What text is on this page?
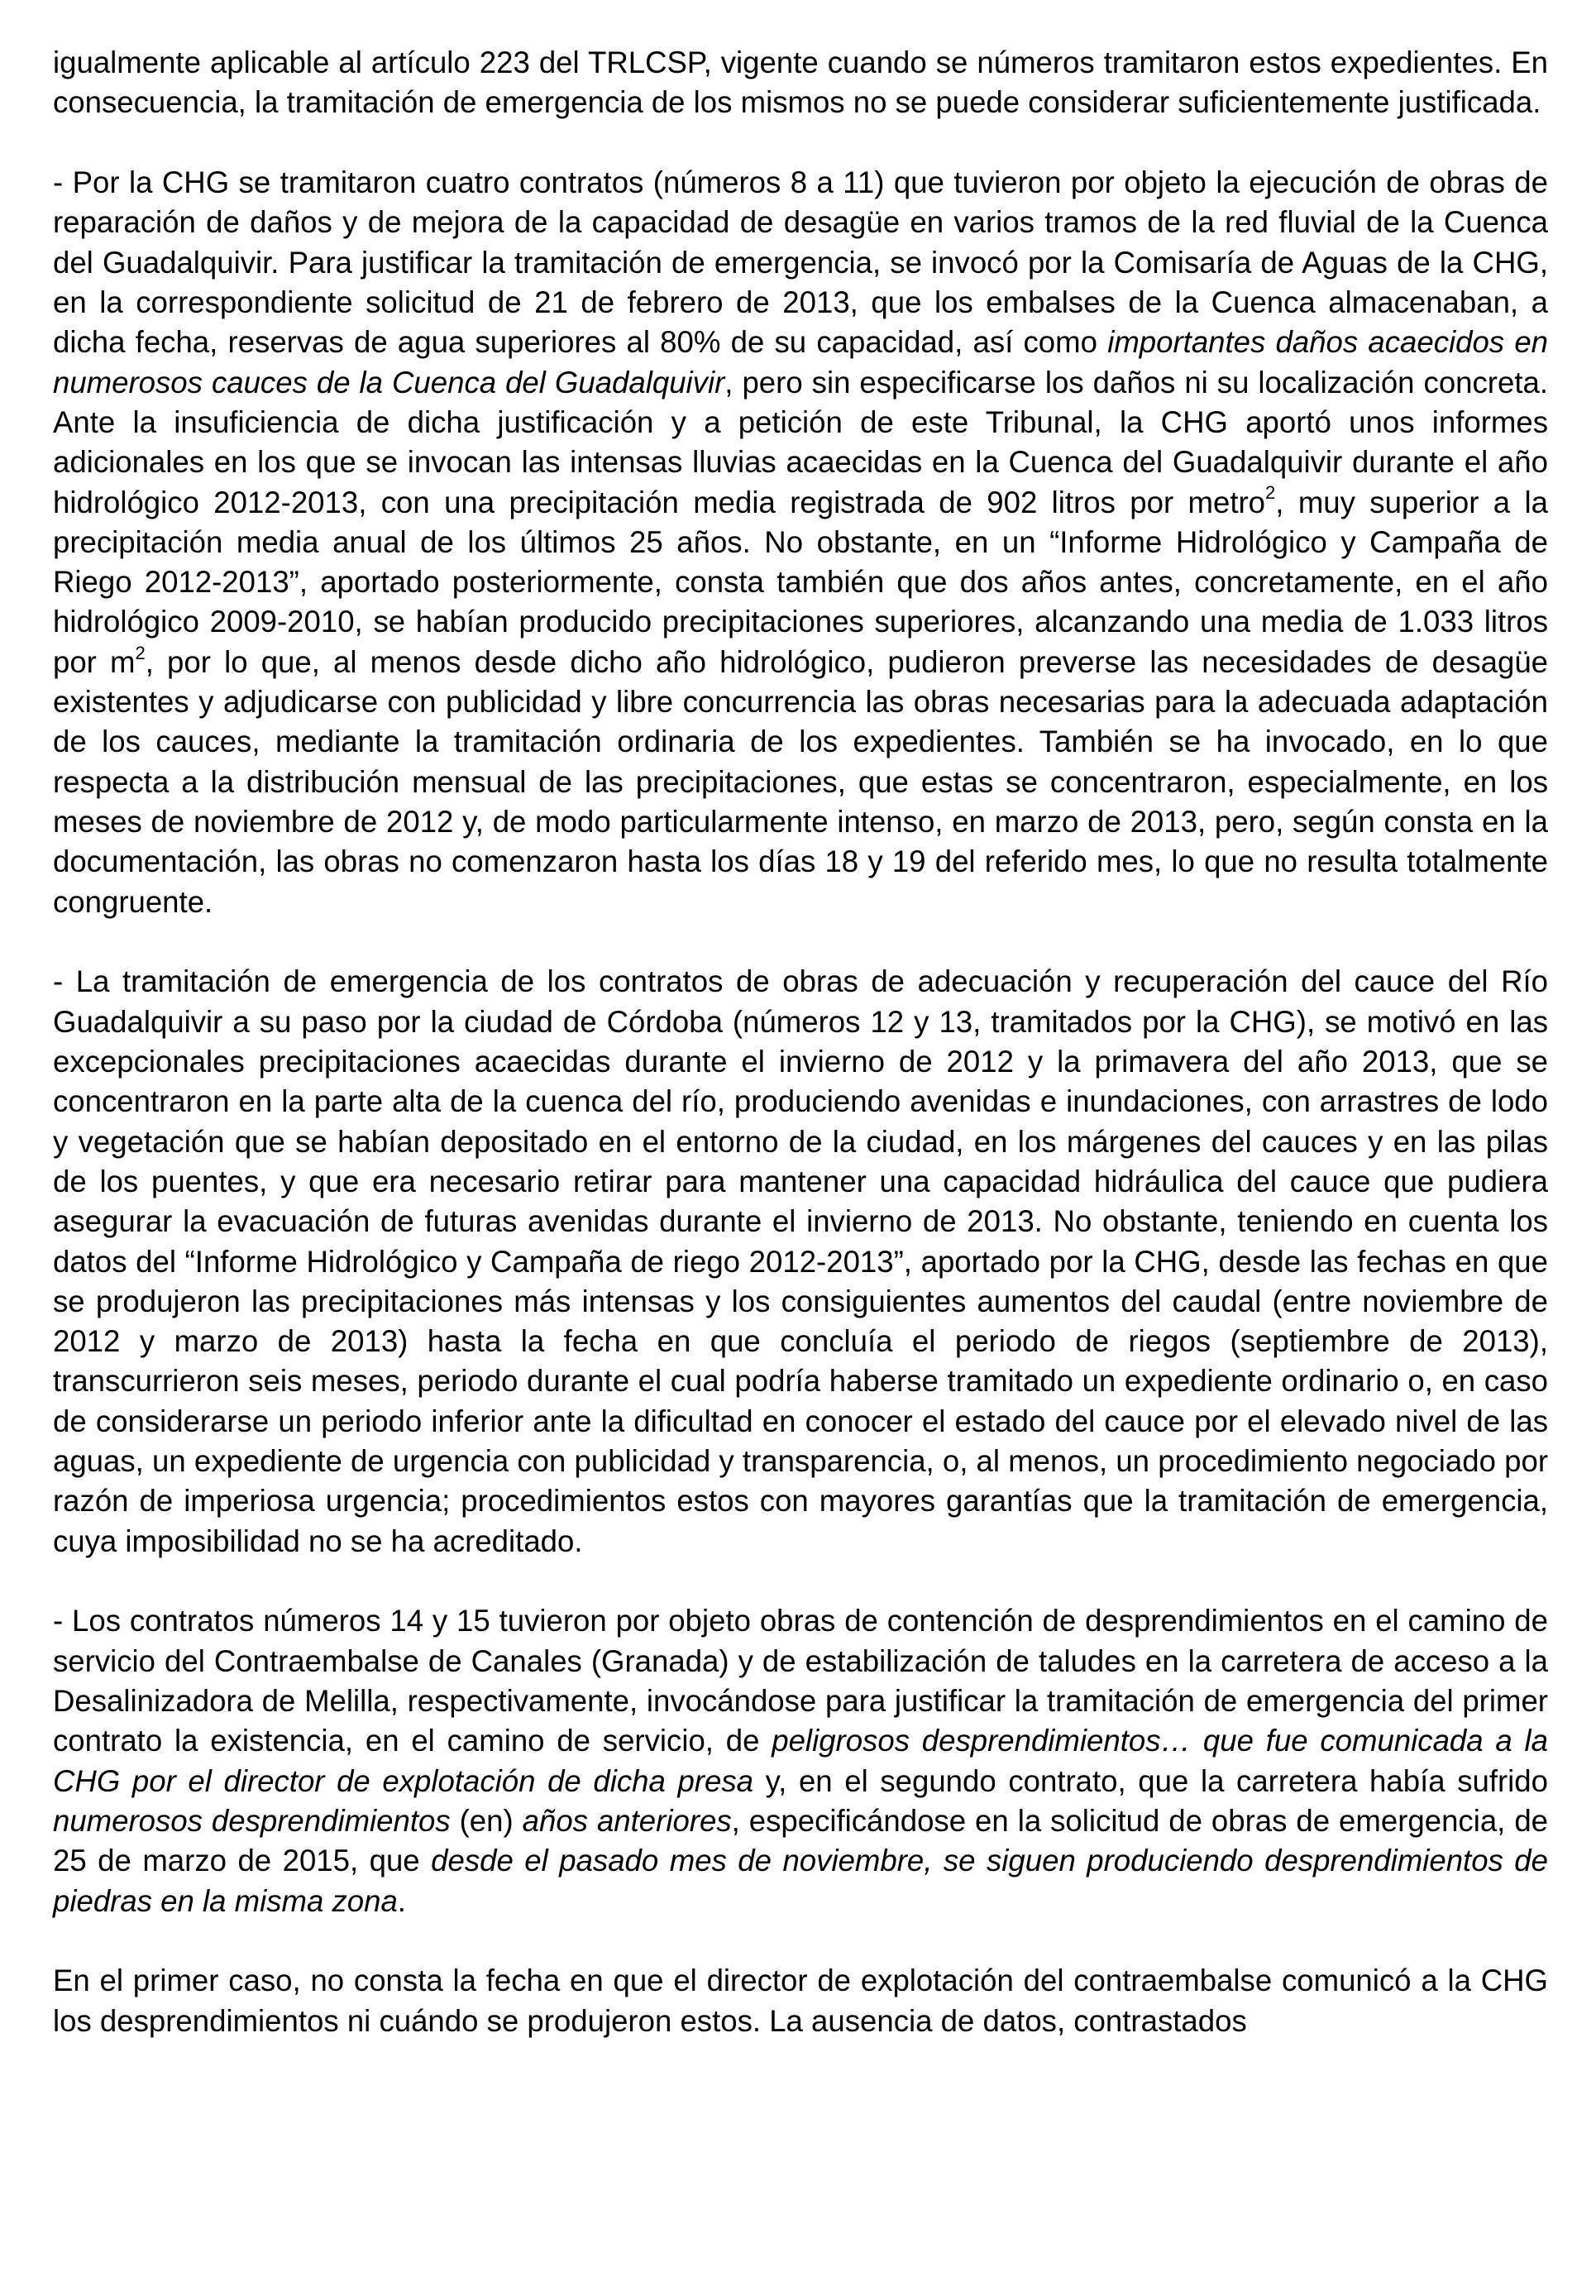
igualmente aplicable al artículo 223 del TRLCSP, vigente cuando se números tramitaron estos expedientes. En consecuencia, la tramitación de emergencia de los mismos no se puede considerar suficientemente justificada.

- Por la CHG se tramitaron cuatro contratos (números 8 a 11) que tuvieron por objeto la ejecución de obras de reparación de daños y de mejora de la capacidad de desagüe en varios tramos de la red fluvial de la Cuenca del Guadalquivir. Para justificar la tramitación de emergencia, se invocó por la Comisaría de Aguas de la CHG, en la correspondiente solicitud de 21 de febrero de 2013, que los embalses de la Cuenca almacenaban, a dicha fecha, reservas de agua superiores al 80% de su capacidad, así como importantes daños acaecidos en numerosos cauces de la Cuenca del Guadalquivir, pero sin especificarse los daños ni su localización concreta. Ante la insuficiencia de dicha justificación y a petición de este Tribunal, la CHG aportó unos informes adicionales en los que se invocan las intensas lluvias acaecidas en la Cuenca del Guadalquivir durante el año hidrológico 2012-2013, con una precipitación media registrada de 902 litros por metro$^2$, muy superior a la precipitación media anual de los últimos 25 años. No obstante, en un “Informe Hidrológico y Campaña de Riego 2012-2013”, aportado posteriormente, consta también que dos años antes, concretamente, en el año hidrológico 2009-2010, se habían producido precipitaciones superiores, alcanzando una media de 1.033 litros por $m^2$, por lo que, al menos desde dicho año hidrológico, pudieron preverse las necesidades de desagüe existentes y adjudicarse con publicidad y libre concurrencia las obras necesarias para la adecuada adaptación de los cauces, mediante la tramitación ordinaria de los expedientes. También se ha invocado, en lo que respecta a la distribución mensual de las precipitaciones, que estas se concentraron, especialmente, en los meses de noviembre de 2012 y, de modo particularmente intenso, en marzo de 2013, pero, según consta en la documentación, las obras no comenzaron hasta los días 18 y 19 del referido mes, lo que no resulta totalmente congruente.

- La tramitación de emergencia de los contratos de obras de adecuación y recuperación del cauce del Río Guadalquivir a su paso por la ciudad de Córdoba (números 12 y 13, tramitados por la CHG), se motivó en las excepcionales precipitaciones acaecidas durante el invierno de 2012 y la primavera del año 2013, que se concentraron en la parte alta de la cuenca del río, produciendo avenidas e inundaciones, con arrastres de lodo y vegetación que se habían depositado en el entorno de la ciudad, en los márgenes del cauces y en las pilas de los puentes, y que era necesario retirar para mantener una capacidad hidráulica del cauce que pudiera asegurar la evacuación de futuras avenidas durante el invierno de 2013. No obstante, teniendo en cuenta los datos del “Informe Hidrológico y Campaña de riego 2012-2013”, aportado por la CHG, desde las fechas en que se produjeron las precipitaciones más intensas y los consiguientes aumentos del caudal (entre noviembre de 2012 y marzo de 2013) hasta la fecha en que concluía el periodo de riegos (septiembre de 2013), transcurrieron seis meses, periodo durante el cual podría haberse tramitado un expediente ordinario o, en caso de considerarse un periodo inferior ante la dificultad en conocer el estado del cauce por el elevado nivel de las aguas, un expediente de urgencia con publicidad y transparencia, o, al menos, un procedimiento negociado por razón de imperiosa urgencia; procedimientos estos con mayores garantías que la tramitación de emergencia, cuya imposibilidad no se ha acreditado.

- Los contratos números 14 y 15 tuvieron por objeto obras de contención de desprendimientos en el camino de servicio del Contraembalse de Canales (Granada) y de estabilización de taludes en la carretera de acceso a la Desalinizadora de Melilla, respectivamente, invocándose para justificar la tramitación de emergencia del primer contrato la existencia, en el camino de servicio, de peligrosos desprendimientos… que fue comunicada a la CHG por el director de explotación de dicha presa y, en el segundo contrato, que la carretera había sufrido numerosos desprendimientos (en) años anteriores, especificándose en la solicitud de obras de emergencia, de 25 de marzo de 2015, que desde el pasado mes de noviembre, se siguen produciendo desprendimientos de piedras en la misma zona.

En el primer caso, no consta la fecha en que el director de explotación del contraembalse comunicó a la CHG los desprendimientos ni cuándo se produjeron estos. La ausencia de datos, contrastados
